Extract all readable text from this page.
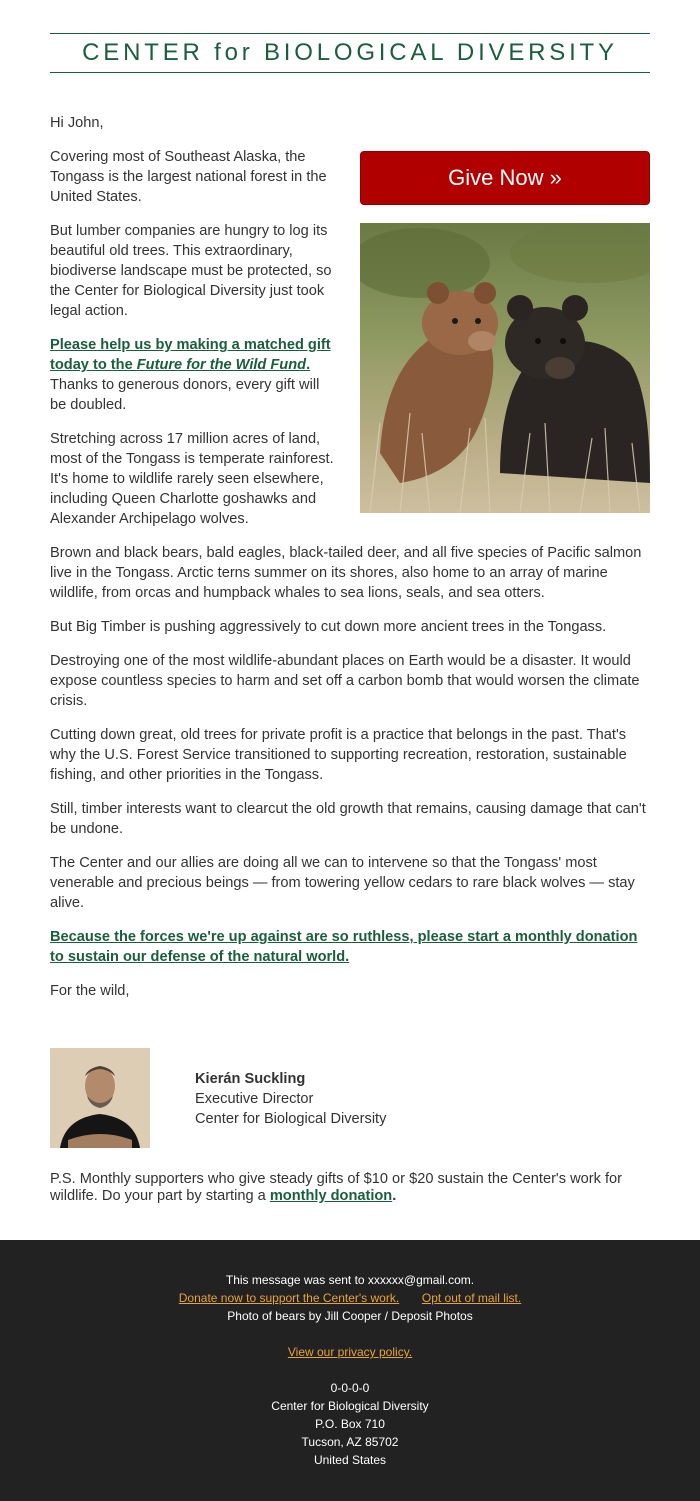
CENTER for BIOLOGICAL DIVERSITY

Hi John,

Give Now »

Covering most of Southeast Alaska, the Tongass is the largest national forest in the United States.

But lumber companies are hungry to log its beautiful old trees. This extraordinary, biodiverse landscape must be protected, so the Center for Biological Diversity just took legal action.

Please help us by making a matched gift today to the Future for the Wild Fund. Thanks to generous donors, every gift will be doubled.

Stretching across 17 million acres of land, most of the Tongass is temperate rainforest. It's home to wildlife rarely seen elsewhere, including Queen Charlotte goshawks and Alexander Archipelago wolves.

Brown and black bears, bald eagles, black-tailed deer, and all five species of Pacific salmon live in the Tongass. Arctic terns summer on its shores, also home to an array of marine wildlife, from orcas and humpback whales to sea lions, seals, and sea otters.

But Big Timber is pushing aggressively to cut down more ancient trees in the Tongass.

Destroying one of the most wildlife-abundant places on Earth would be a disaster. It would expose countless species to harm and set off a carbon bomb that would worsen the climate crisis.

Cutting down great, old trees for private profit is a practice that belongs in the past. That's why the U.S. Forest Service transitioned to supporting recreation, restoration, sustainable fishing, and other priorities in the Tongass.

Still, timber interests want to clearcut the old growth that remains, causing damage that can't be undone.

The Center and our allies are doing all we can to intervene so that the Tongass' most venerable and precious beings — from towering yellow cedars to rare black wolves — stay alive.

Because the forces we're up against are so ruthless, please start a monthly donation to sustain our defense of the natural world.

For the wild,

Kierán Suckling
Executive Director
Center for Biological Diversity

P.S. Monthly supporters who give steady gifts of $10 or $20 sustain the Center's work for wildlife. Do your part by starting a monthly donation.

This message was sent to xxxxxx@gmail.com.
Donate now to support the Center's work. Opt out of mail list.
Photo of bears by Jill Cooper / Deposit Photos
View our privacy policy.
0-0-0-0
Center for Biological Diversity
P.O. Box 710
Tucson, AZ 85702
United States
